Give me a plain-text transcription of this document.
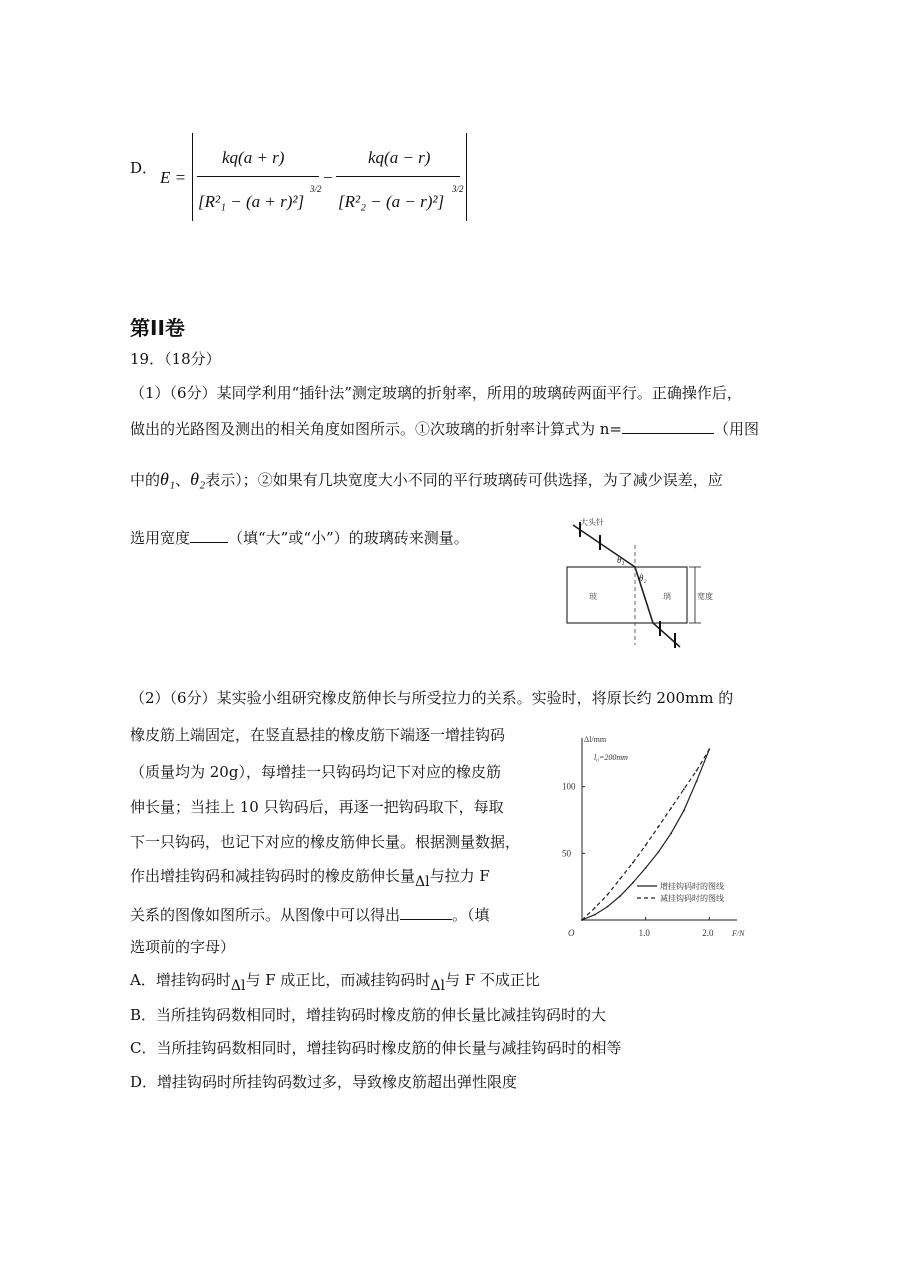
D． E =
kq(a + r)
[R²₁ − (a + r)²]
3/2
−
kq(a − r)
[R²₂ − (a − r)²]
3/2
第II卷
19．（18分）
（1）（6分）某同学利用“插针法”测定玻璃的折射率，所用的玻璃砖两面平行。正确操作后，
做出的光路图及测出的相关角度如图所示。①次玻璃的折射率计算式为 n=	（用图
中的θ₁、θ₂表示）；②如果有几块宽度大小不同的平行玻璃砖可供选择，为了减少误差，应
选用宽度	（填“大”或“小”）的玻璃砖来测量。
大头针
θ₁
θ₂
宽度
玻	璃
（2）（6分）某实验小组研究橡皮筋伸长与所受拉力的关系。实验时，将原长约 200mm 的
橡皮筋上端固定，在竖直悬挂的橡皮筋下端逐一增挂钩码
（质量均为 20g），每增挂一只钩码均记下对应的橡皮筋
伸长量；当挂上 10 只钩码后，再逐一把钩码取下，每取
下一只钩码，也记下对应的橡皮筋伸长量。根据测量数据，
作出增挂钩码和减挂钩码时的橡皮筋伸长量Δl与拉力 F
关系的图像如图所示。从图像中可以得出	。（填
选项前的字母）
A．增挂钩码时Δl与 F 成正比，而减挂钩码时Δl与 F 不成正比
B．当所挂钩码数相同时，增挂钩码时橡皮筋的伸长量比减挂钩码时的大
C．当所挂钩码数相同时，增挂钩码时橡皮筋的伸长量与减挂钩码时的相等
D．增挂钩码时所挂钩码数过多，导致橡皮筋超出弹性限度
Δl/mm
F/N
O
l₀=200mm
1.0	2.0
50
100
增挂钩码时的图线
减挂钩码时的图线
